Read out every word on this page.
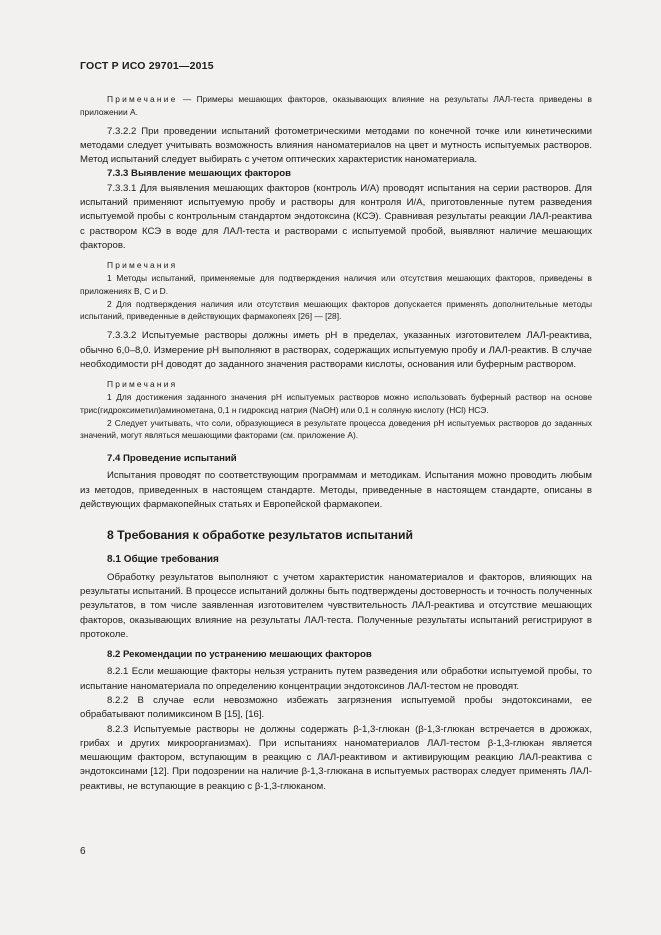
ГОСТ Р ИСО 29701—2015

Примечание — Примеры мешающих факторов, оказывающих влияние на результаты ЛАЛ-теста приведены в приложении А.

7.3.2.2 При проведении испытаний фотометрическими методами по конечной точке или кинетическими методами следует учитывать возможность влияния наноматериалов на цвет и мутность испытуемых растворов. Метод испытаний следует выбирать с учетом оптических характеристик наноматериала.

7.3.3 Выявление мешающих факторов

7.3.3.1 Для выявления мешающих факторов (контроль И/А) проводят испытания на серии растворов. Для испытаний применяют испытуемую пробу и растворы для контроля И/А, приготовленные путем разведения испытуемой пробы с контрольным стандартом эндотоксина (КСЭ). Сравнивая результаты реакции ЛАЛ-реактива с раствором КСЭ в воде для ЛАЛ-теста и растворами с испытуемой пробой, выявляют наличие мешающих факторов.

Примечания

1 Методы испытаний, применяемые для подтверждения наличия или отсутствия мешающих факторов, приведены в приложениях В, С и D.

2 Для подтверждения наличия или отсутствия мешающих факторов допускается применять дополнительные методы испытаний, приведенные в действующих фармакопеях [26] — [28].

7.3.3.2 Испытуемые растворы должны иметь рН в пределах, указанных изготовителем ЛАЛ-реактива, обычно 6,0–8,0. Измерение рН выполняют в растворах, содержащих испытуемую пробу и ЛАЛ-реактив. В случае необходимости рН доводят до заданного значения растворами кислоты, основания или буферным раствором.

Примечания

1 Для достижения заданного значения рН испытуемых растворов можно использовать буферный раствор на основе трис(гидроксиметил)аминометана, 0,1 н гидроксид натрия (NaOH) или 0,1 н соляную кислоту (HCl) НСЭ.

2 Следует учитывать, что соли, образующиеся в результате процесса доведения рН испытуемых растворов до заданных значений, могут являться мешающими факторами (см. приложение А).

7.4 Проведение испытаний

Испытания проводят по соответствующим программам и методикам. Испытания можно проводить любым из методов, приведенных в настоящем стандарте. Методы, приведенные в настоящем стандарте, описаны в действующих фармакопейных статьях и Европейской фармакопеи.

8 Требования к обработке результатов испытаний

8.1 Общие требования

Обработку результатов выполняют с учетом характеристик наноматериалов и факторов, влияющих на результаты испытаний. В процессе испытаний должны быть подтверждены достоверность и точность полученных результатов, в том числе заявленная изготовителем чувствительность ЛАЛ-реактива и отсутствие мешающих факторов, оказывающих влияние на результаты ЛАЛ-теста. Полученные результаты испытаний регистрируют в протоколе.

8.2 Рекомендации по устранению мешающих факторов

8.2.1 Если мешающие факторы нельзя устранить путем разведения или обработки испытуемой пробы, то испытание наноматериала по определению концентрации эндотоксинов ЛАЛ-тестом не проводят.

8.2.2 В случае если невозможно избежать загрязнения испытуемой пробы эндотоксинами, ее обрабатывают полимиксином В [15], [16].

8.2.3 Испытуемые растворы не должны содержать β-1,3-глюкан (β-1,3-глюкан встречается в дрожжах, грибах и других микроорганизмах). При испытаниях наноматериалов ЛАЛ-тестом β-1,3-глюкан является мешающим фактором, вступающим в реакцию с ЛАЛ-реактивом и активирующим реакцию ЛАЛ-реактива с эндотоксинами [12]. При подозрении на наличие β-1,3-глюкана в испытуемых растворах следует применять ЛАЛ-реактивы, не вступающие в реакцию с β-1,3-глюканом.

6
